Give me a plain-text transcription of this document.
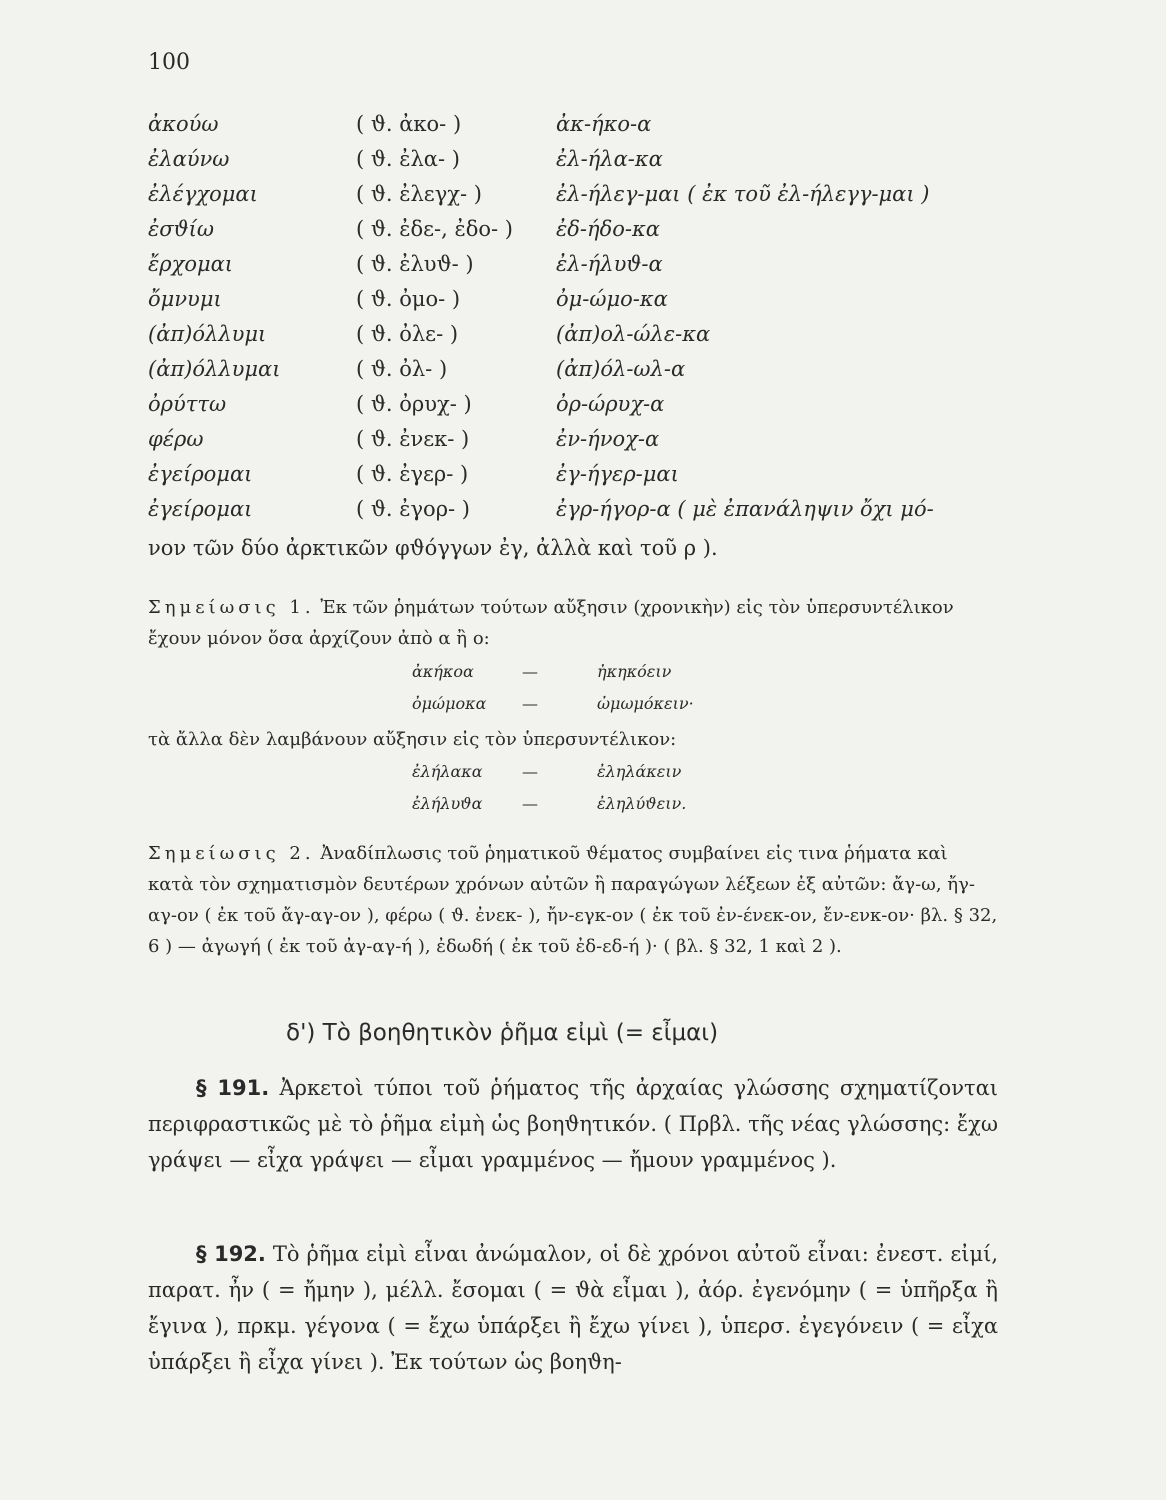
100
ἀκούω	( ϑ. ἀκο- )	ἀκ-ήκο-α
ἐλαύνω	( ϑ. ἐλα- )	ἐλ-ήλα-κα
ἐλέγχομαι	( ϑ. ἐλεγχ- )	ἐλ-ήλεγ-μαι ( ἐκ τοῦ ἐλ-ήλεγγ-μαι )
ἐσϑίω	( ϑ. ἐδε-, ἐδο- ) ἐδ-ήδο-κα
ἔρχομαι	( ϑ. ἐλυϑ- )	ἐλ-ήλυϑ-α
ὄμνυμι	( ϑ. ὀμο- )	ὀμ-ώμο-κα
(ἀπ)όλλυμι	( ϑ. ὀλε- )	(ἀπ)ολ-ώλε-κα
(ἀπ)όλλυμαι	( ϑ. ὀλ- )	(ἀπ)όλ-ωλ-α
ὀρύττω	( ϑ. ὀρυχ- )	ὀρ-ώρυχ-α
φέρω	( ϑ. ἐνεκ- )	ἐν-ήνοχ-α
ἐγείρομαι	( ϑ. ἐγερ- )	ἐγ-ήγερ-μαι
ἐγείρομαι	( ϑ. ἐγορ- )	ἐγρ-ήγορ-α ( μὲ ἐπανάληψιν ὄχι μό-
νον τῶν δύο ἀρκτικῶν φϑόγγων ἐγ, ἀλλὰ καὶ τοῦ ρ ).
Σημείωσις 1. Ἐκ τῶν ῥημάτων τούτων αὔξησιν (χρονικὴν) εἰς τὸν ὑπερσυντέλικον ἔχουν μόνον ὅσα ἀρχίζουν ἀπὸ α ἢ ο:
ἀκήκοα	—	ἠκηκόειν
ὀμώμοκα —	ὠμωμόκειν·
τὰ ἄλλα δὲν λαμβάνουν αὔξησιν εἰς τὸν ὑπερσυντέλικον:
ἐλήλακα —	ἐληλάκειν
ἐλήλυϑα —	ἐληλύϑειν.
Σημείωσις 2. Ἀναδίπλωσις τοῦ ῥηματικοῦ ϑέματος συμβαίνει εἰς τινα ῥήματα καὶ κατὰ τὸν σχηματισμὸν δευτέρων χρόνων αὐτῶν ἢ παραγώγων λέξεων ἐξ αὐτῶν: ἄγ-ω, ἤγ-αγ-ον ( ἐκ τοῦ ἄγ-αγ-ον ), φέρω ( ϑ. ἐνεκ- ), ἤν-εγκ-ον ( ἐκ τοῦ ἐν-ένεκ-ον, ἔν-ενκ-ον· βλ. § 32, 6 ) — ἀγωγή ( ἐκ τοῦ ἀγ-αγ-ή ), ἐδωδή ( ἐκ τοῦ ἐδ-εδ-ή )· ( βλ. § 32, 1 καὶ 2 ).
δ') Τὸ βοηθητικὸν ῥῆμα εἰμὶ (= εἶμαι)
§ 191. Ἀρκετοὶ τύποι τοῦ ῥήματος τῆς ἀρχαίας γλώσσης σχηματίζονται περιφραστικῶς μὲ τὸ ῥῆμα εἰμὴ ὡς βοηϑητικόν. ( Πρβλ. τῆς νέας γλώσσης: ἔχω γράψει — εἶχα γράψει — εἶμαι γραμμένος — ἤμουν γραμμένος ).
§ 192. Τὸ ῥῆμα εἰμὶ εἶναι ἀνώμαλον, οἱ δὲ χρόνοι αὐτοῦ εἶναι: ἐνεστ. εἰμί, παρατ. ἦν ( = ἤμην ), μέλλ. ἔσομαι ( = ϑὰ εἶμαι ), ἀόρ. ἐγενόμην ( = ὑπῆρξα ἢ ἔγινα ), πρκμ. γέγονα ( = ἔχω ὑπάρξει ἢ ἔχω γίνει ), ὑπερσ. ἐγεγόνειν ( = εἶχα ὑπάρξει ἢ εἶχα γίνει ). Ἐκ τούτων ὡς βοηϑη-
